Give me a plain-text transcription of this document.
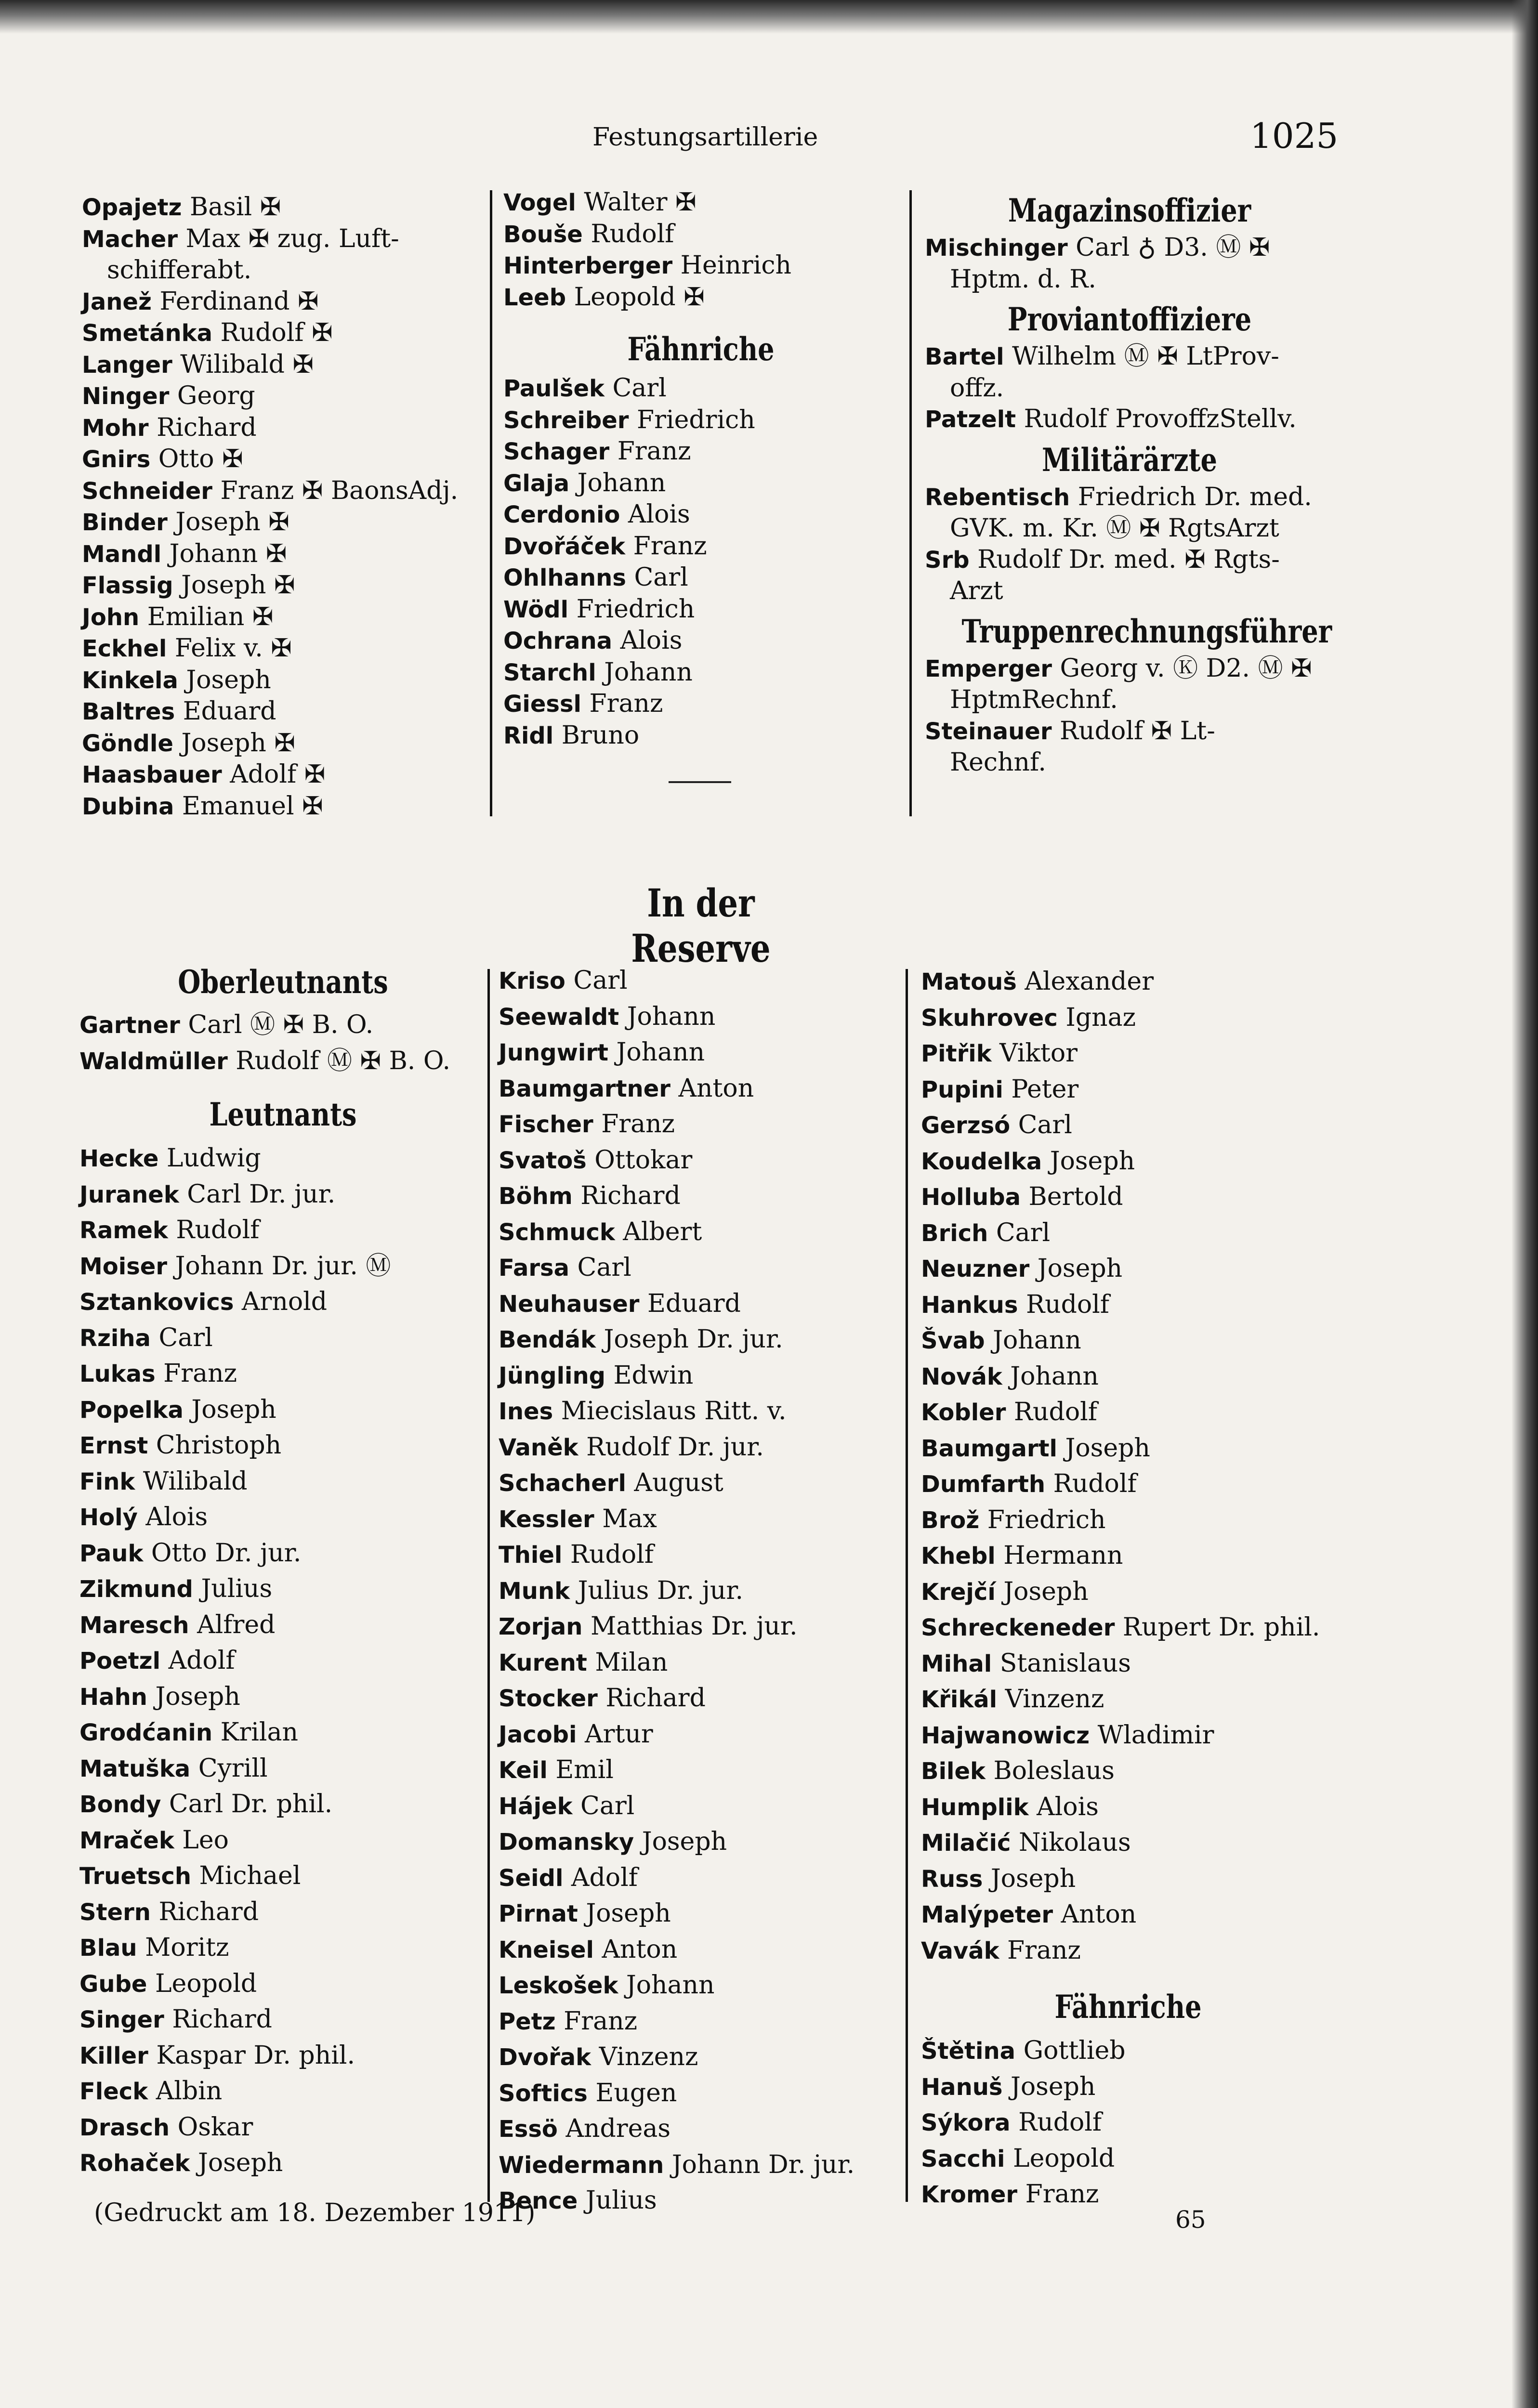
Festungsartillerie	1025
Opajetz Basil ✠
Macher Max ✠ zug. Luft-
schifferabt.
Janež Ferdinand ✠
Smetánka Rudolf ✠
Langer Wilibald ✠
Ninger Georg
Mohr Richard
Gnirs Otto ✠
Schneider Franz ✠ BaonsAdj.
Binder Joseph ✠
Mandl Johann ✠
Flassig Joseph ✠
John Emilian ✠
Eckhel Felix v. ✠
Kinkela Joseph
Baltres Eduard
Göndle Joseph ✠
Haasbauer Adolf ✠
Dubina Emanuel ✠
Vogel Walter ✠
Bouše Rudolf
Hinterberger Heinrich
Leeb Leopold ✠
Fähnriche
Paulšek Carl
Schreiber Friedrich
Schager Franz
Glaja Johann
Cerdonio Alois
Dvořáček Franz
Ohlhanns Carl
Wödl Friedrich
Ochrana Alois
Starchl Johann
Giessl Franz
Ridl Bruno
Magazinsoffizier
Mischinger Carl ♁ D3. Ⓜ ✠
Hptm. d. R.
Proviantoffiziere
Bartel Wilhelm Ⓜ ✠ LtProv-
offz.
Patzelt Rudolf ProvoffzStellv.
Militärärzte
Rebentisch Friedrich Dr. med.
GVK. m. Kr. Ⓜ ✠ RgtsArzt
Srb Rudolf Dr. med. ✠ Rgts-
Arzt
Truppenrechnungsführer
Emperger Georg v. Ⓚ D2. Ⓜ ✠
HptmRechnf.
Steinauer Rudolf ✠ Lt-
Rechnf.
In der Reserve
Oberleutnants
Gartner Carl Ⓜ ✠ B. O.
Waldmüller Rudolf Ⓜ ✠ B. O.
Leutnants
Hecke Ludwig
Juranek Carl Dr. jur.
Ramek Rudolf
Moiser Johann Dr. jur. Ⓜ
Sztankovics Arnold
Rziha Carl
Lukas Franz
Popelka Joseph
Ernst Christoph
Fink Wilibald
Holý Alois
Pauk Otto Dr. jur.
Zikmund Julius
Maresch Alfred
Poetzl Adolf
Hahn Joseph
Grodćanin Krilan
Matuška Cyrill
Bondy Carl Dr. phil.
Mraček Leo
Truetsch Michael
Stern Richard
Blau Moritz
Gube Leopold
Singer Richard
Killer Kaspar Dr. phil.
Fleck Albin
Drasch Oskar
Rohaček Joseph
Kriso Carl
Seewaldt Johann
Jungwirt Johann
Baumgartner Anton
Fischer Franz
Svatoš Ottokar
Böhm Richard
Schmuck Albert
Farsa Carl
Neuhauser Eduard
Bendák Joseph Dr. jur.
Jüngling Edwin
Ines Miecislaus Ritt. v.
Vaněk Rudolf Dr. jur.
Schacherl August
Kessler Max
Thiel Rudolf
Munk Julius Dr. jur.
Zorjan Matthias Dr. jur.
Kurent Milan
Stocker Richard
Jacobi Artur
Keil Emil
Hájek Carl
Domansky Joseph
Seidl Adolf
Pirnat Joseph
Kneisel Anton
Leskošek Johann
Petz Franz
Dvořak Vinzenz
Softics Eugen
Essö Andreas
Wiedermann Johann Dr. jur.
Bence Julius
Matouš Alexander
Skuhrovec Ignaz
Pitřik Viktor
Pupini Peter
Gerzsó Carl
Koudelka Joseph
Holluba Bertold
Brich Carl
Neuzner Joseph
Hankus Rudolf
Švab Johann
Novák Johann
Kobler Rudolf
Baumgartl Joseph
Dumfarth Rudolf
Brož Friedrich
Khebl Hermann
Krejčí Joseph
Schreckeneder Rupert Dr. phil.
Mihal Stanislaus
Křikál Vinzenz
Hajwanowicz Wladimir
Bilek Boleslaus
Humplik Alois
Milačić Nikolaus
Russ Joseph
Malýpeter Anton
Vavák Franz
Fähnriche
Štětina Gottlieb
Hanuš Joseph
Sýkora Rudolf
Sacchi Leopold
Kromer Franz
(Gedruckt am 18. Dezember 1911)	65
